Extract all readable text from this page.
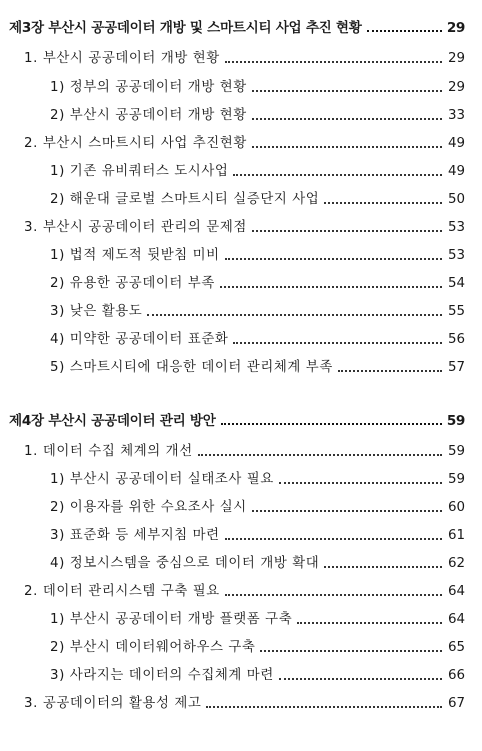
제3장 부산시 공공데이터 개방 및 스마트시티 사업 추진 현황	29
1. 부산시 공공데이터 개방 현황	29
1) 정부의 공공데이터 개방 현황	29
2) 부산시 공공데이터 개방 현황	33
2. 부산시 스마트시티 사업 추진현황	49
1) 기존 유비쿼터스 도시사업	49
2) 해운대 글로벌 스마트시티 실증단지 사업	50
3. 부산시 공공데이터 관리의 문제점	53
1) 법적 제도적 뒷받침 미비	53
2) 유용한 공공데이터 부족	54
3) 낮은 활용도	55
4) 미약한 공공데이터 표준화	56
5) 스마트시티에 대응한 데이터 관리체계 부족	57
제4장 부산시 공공데이터 관리 방안	59
1. 데이터 수집 체계의 개선	59
1) 부산시 공공데이터 실태조사 필요	59
2) 이용자를 위한 수요조사 실시	60
3) 표준화 등 세부지침 마련	61
4) 정보시스템을 중심으로 데이터 개방 확대	62
2. 데이터 관리시스템 구축 필요	64
1) 부산시 공공데이터 개방 플랫폼 구축	64
2) 부산시 데이터웨어하우스 구축	65
3) 사라지는 데이터의 수집체계 마련	66
3. 공공데이터의 활용성 제고	67
